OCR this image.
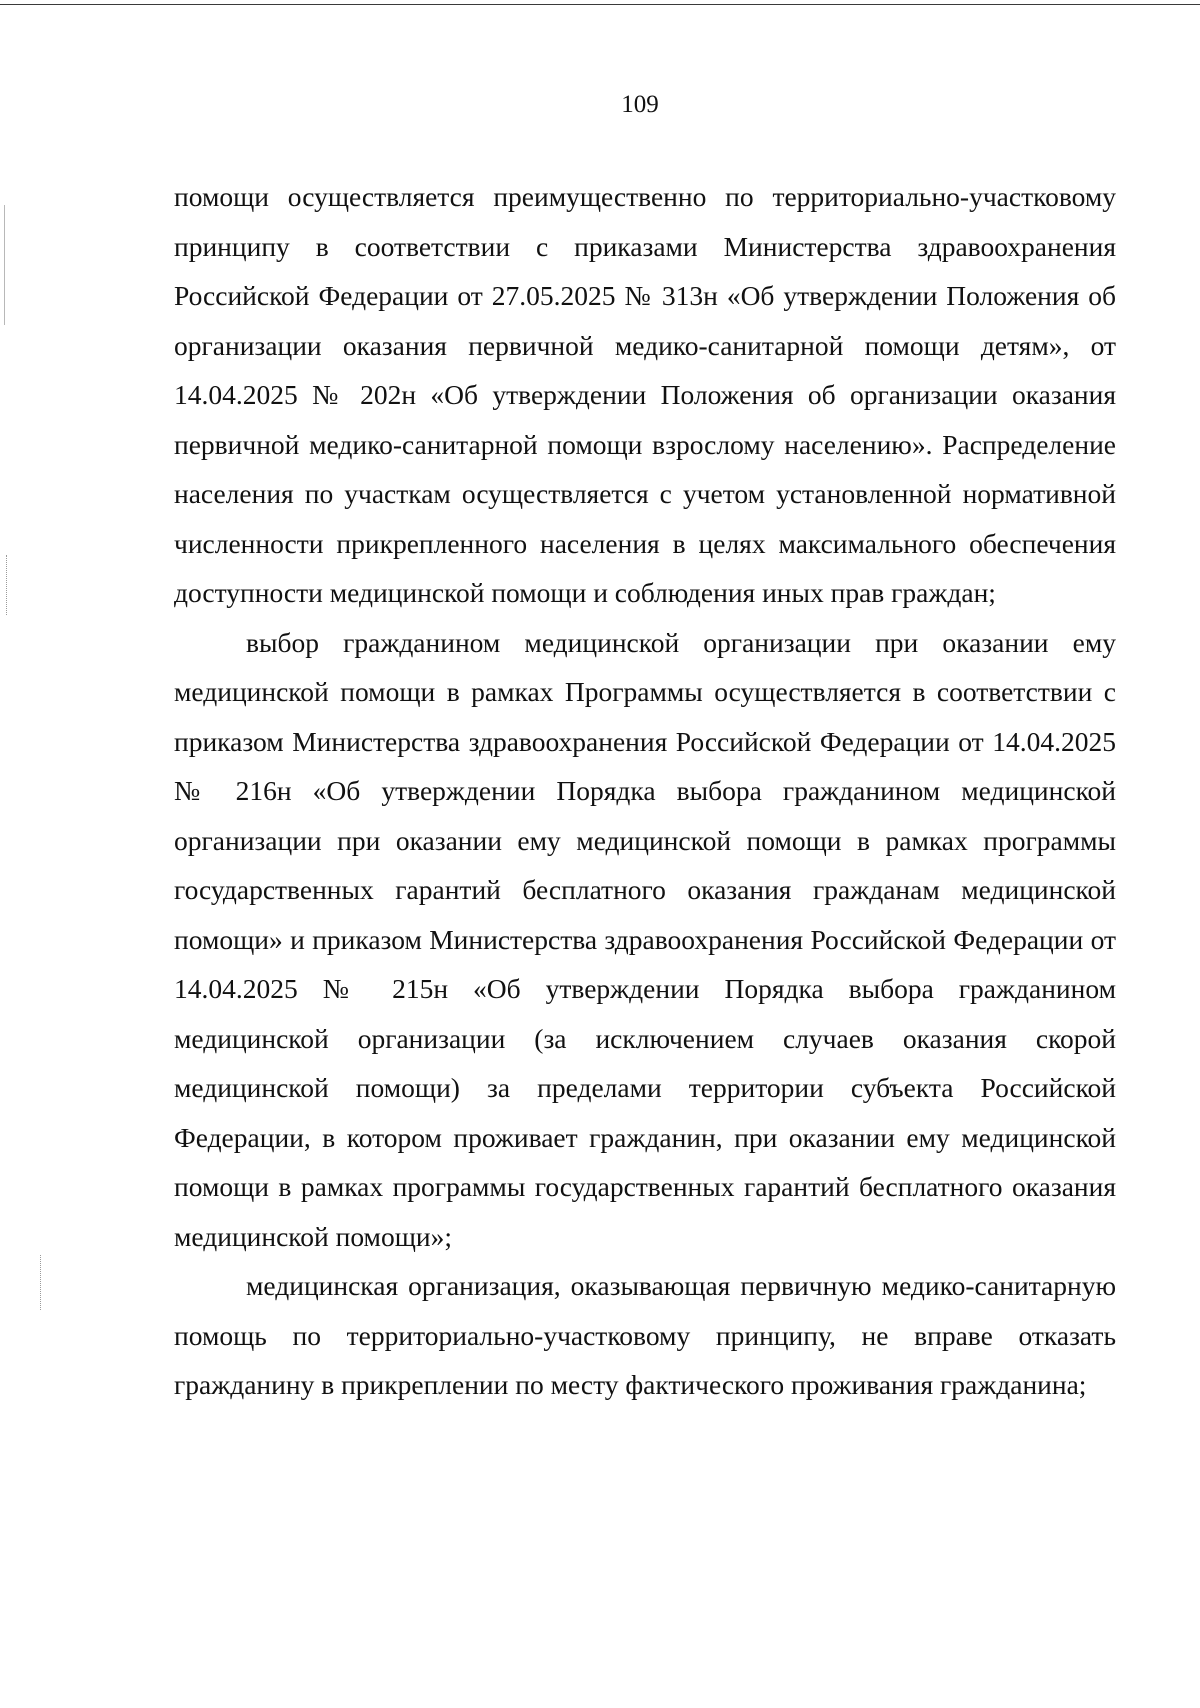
109

помощи осуществляется преимущественно по территориально-участковому принципу в соответствии с приказами Министерства здравоохранения Российской Федерации от 27.05.2025 № 313н «Об утверждении Положения об организации оказания первичной медико-санитарной помощи детям», от 14.04.2025 № 202н «Об утверждении Положения об организации оказания первичной медико-санитарной помощи взрослому населению». Распределение населения по участкам осуществляется с учетом установленной нормативной численности прикрепленного населения в целях максимального обеспечения доступности медицинской помощи и соблюдения иных прав граждан;

выбор гражданином медицинской организации при оказании ему медицинской помощи в рамках Программы осуществляется в соответствии с приказом Министерства здравоохранения Российской Федерации от 14.04.2025 № 216н «Об утверждении Порядка выбора гражданином медицинской организации при оказании ему медицинской помощи в рамках программы государственных гарантий бесплатного оказания гражданам медицинской помощи» и приказом Министерства здравоохранения Российской Федерации от 14.04.2025 № 215н «Об утверждении Порядка выбора гражданином медицинской организации (за исключением случаев оказания скорой медицинской помощи) за пределами территории субъекта Российской Федерации, в котором проживает гражданин, при оказании ему медицинской помощи в рамках программы государственных гарантий бесплатного оказания медицинской помощи»;

медицинская организация, оказывающая первичную медико-санитарную помощь по территориально-участковому принципу, не вправе отказать гражданину в прикреплении по месту фактического проживания гражданина;
